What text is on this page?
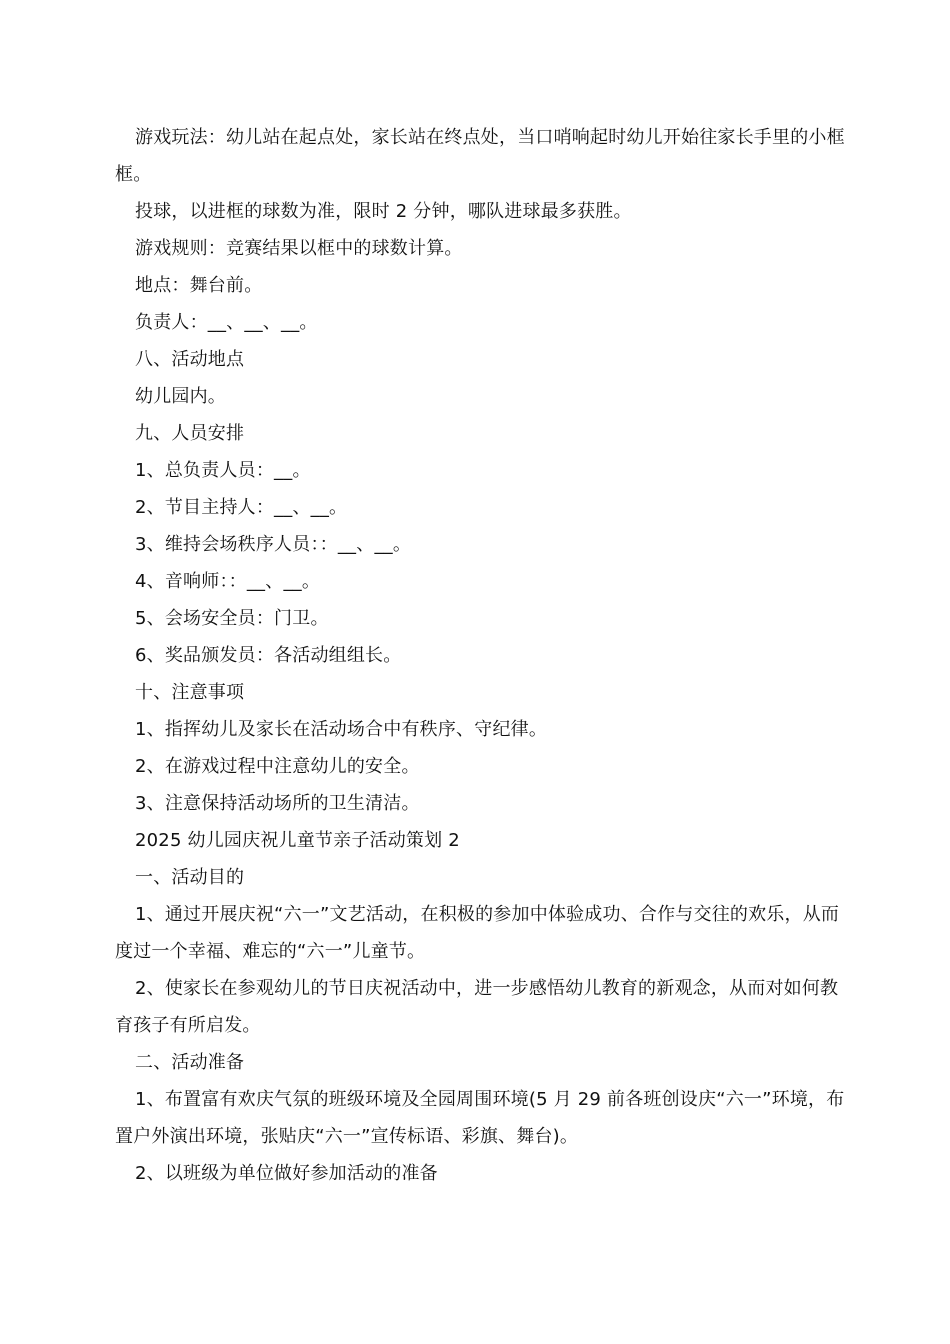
游戏玩法：幼儿站在起点处，家长站在终点处，当口哨响起时幼儿开始往家长手里的小框框。

投球，以进框的球数为准，限时 2 分钟，哪队进球最多获胜。

游戏规则：竞赛结果以框中的球数计算。

地点：舞台前。

负责人：__、__、__。

八、活动地点

幼儿园内。

九、人员安排

1、总负责人员：__。

2、节目主持人：__、__。

3、维持会场秩序人员：：__、__。

4、音响师：：__、__。

5、会场安全员：门卫。

6、奖品颁发员：各活动组组长。

十、注意事项

1、指挥幼儿及家长在活动场合中有秩序、守纪律。

2、在游戏过程中注意幼儿的安全。

3、注意保持活动场所的卫生清洁。

2025 幼儿园庆祝儿童节亲子活动策划 2

一、活动目的

1、通过开展庆祝“六一”文艺活动，在积极的参加中体验成功、合作与交往的欢乐，从而度过一个幸福、难忘的“六一”儿童节。

2、使家长在参观幼儿的节日庆祝活动中，进一步感悟幼儿教育的新观念，从而对如何教育孩子有所启发。

二、活动准备

1、布置富有欢庆气氛的班级环境及全园周围环境(5 月 29 前各班创设庆“六一”环境，布置户外演出环境，张贴庆“六一”宣传标语、彩旗、舞台)。

2、以班级为单位做好参加活动的准备
